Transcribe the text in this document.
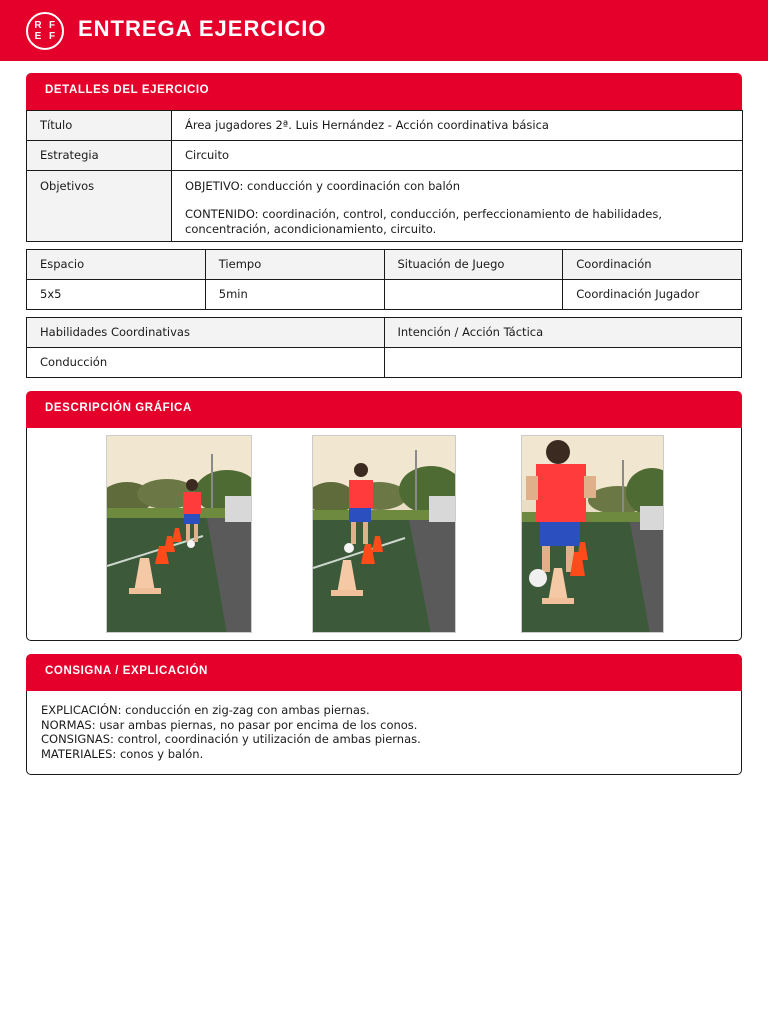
R F
E F ENTREGA EJERCICIO
DETALLES DEL EJERCICIO
Título	Área jugadores 2ª. Luis Hernández - Acción coordinativa básica
Estrategia	Circuito
Objetivos	OBJETIVO: conducción y coordinación con balón
CONTENIDO: coordinación, control, conducción, perfeccionamiento de habilidades, concentración, acondicionamiento, circuito.
Espacio	Tiempo	Situación de Juego	Coordinación
5x5	5min		Coordinación Jugador
Habilidades Coordinativas	Intención / Acción Táctica
Conducción	
DESCRIPCIÓN GRÁFICA
CONSIGNA / EXPLICACIÓN
EXPLICACIÓN: conducción en zig-zag con ambas piernas.
NORMAS: usar ambas piernas, no pasar por encima de los conos.
CONSIGNAS: control, coordinación y utilización de ambas piernas.
MATERIALES: conos y balón.
